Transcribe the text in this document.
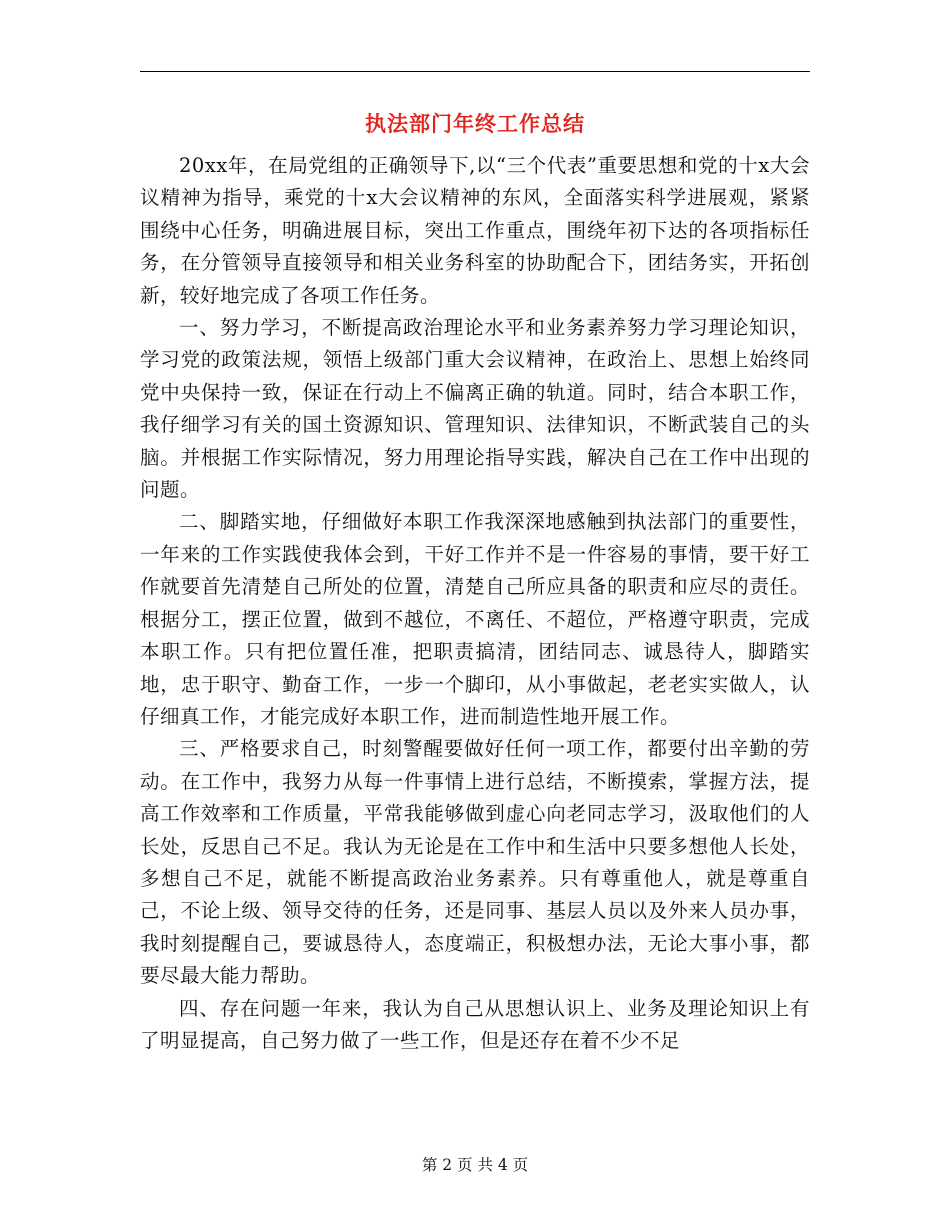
执法部门年终工作总结

20xx年，在局党组的正确领导下,以“三个代表”重要思想和党的十x大会议精神为指导，乘党的十x大会议精神的东风，全面落实科学进展观，紧紧围绕中心任务，明确进展目标，突出工作重点，围绕年初下达的各项指标任务，在分管领导直接领导和相关业务科室的协助配合下，团结务实，开拓创新，较好地完成了各项工作任务。

一、努力学习，不断提高政治理论水平和业务素养努力学习理论知识，学习党的政策法规，领悟上级部门重大会议精神，在政治上、思想上始终同党中央保持一致，保证在行动上不偏离正确的轨道。同时，结合本职工作，我仔细学习有关的国土资源知识、管理知识、法律知识，不断武装自己的头脑。并根据工作实际情况，努力用理论指导实践，解决自己在工作中出现的问题。

二、脚踏实地，仔细做好本职工作我深深地感触到执法部门的重要性，一年来的工作实践使我体会到，干好工作并不是一件容易的事情，要干好工作就要首先清楚自己所处的位置，清楚自己所应具备的职责和应尽的责任。根据分工，摆正位置，做到不越位，不离任、不超位，严格遵守职责，完成本职工作。只有把位置任准，把职责搞清，团结同志、诚恳待人，脚踏实地，忠于职守、勤奋工作，一步一个脚印，从小事做起，老老实实做人，认仔细真工作，才能完成好本职工作，进而制造性地开展工作。

三、严格要求自己，时刻警醒要做好任何一项工作，都要付出辛勤的劳动。在工作中，我努力从每一件事情上进行总结，不断摸索，掌握方法，提高工作效率和工作质量，平常我能够做到虚心向老同志学习，汲取他们的人长处，反思自己不足。我认为无论是在工作中和生活中只要多想他人长处，多想自己不足，就能不断提高政治业务素养。只有尊重他人，就是尊重自己，不论上级、领导交待的任务，还是同事、基层人员以及外来人员办事，我时刻提醒自己，要诚恳待人，态度端正，积极想办法，无论大事小事，都要尽最大能力帮助。

四、存在问题一年来，我认为自己从思想认识上、业务及理论知识上有了明显提高，自己努力做了一些工作，但是还存在着不少不足

第 2 页 共 4 页
